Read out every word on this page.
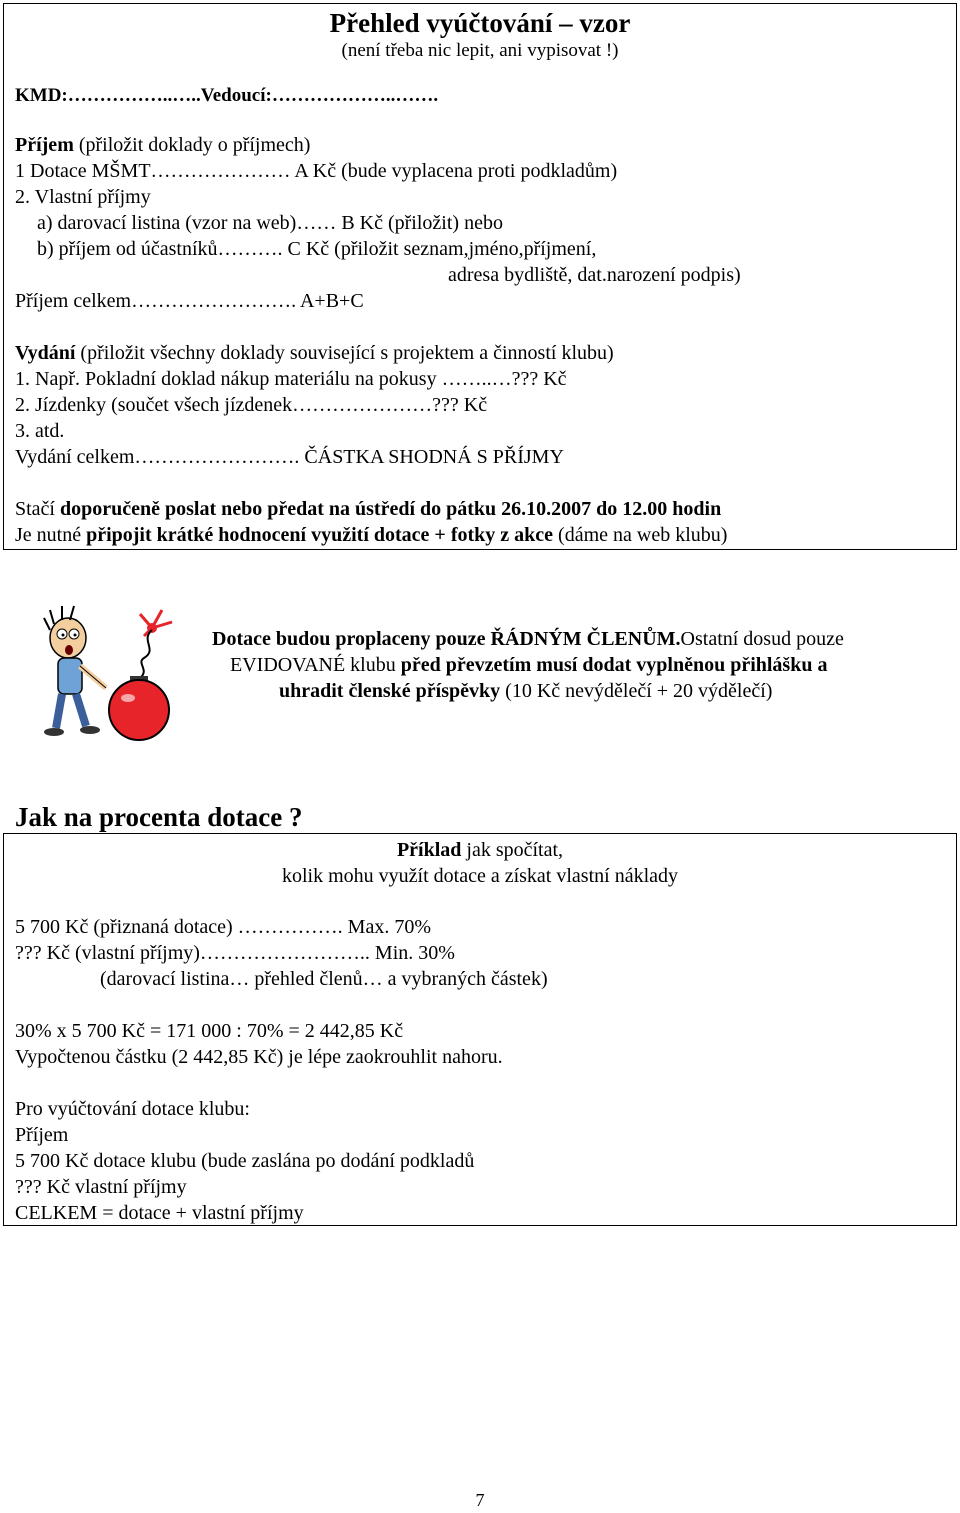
Přehled vyúčtování – vzor
(není třeba nic lepit, ani vypisovat !)
KMD:……………..…..Vedoucí:………………..…….
Příjem (přiložit doklady o příjmech)
1 Dotace MŠMT………………… A Kč (bude vyplacena proti podkladům)
2. Vlastní příjmy
a) darovací listina (vzor na web)…… B Kč (přiložit) nebo
b) příjem od účastníků………. C Kč (přiložit seznam,jméno,příjmení,
adresa bydliště, dat.narození podpis)
Příjem celkem……………………. A+B+C
Vydání (přiložit všechny doklady související s projektem a činností klubu)
1. Např. Pokladní doklad nákup materiálu na pokusy ……..…??? Kč
2. Jízdenky (součet všech jízdenek…………………??? Kč
3. atd.
Vydání celkem……………………. ČÁSTKA SHODNÁ S PŘÍJMY
Stačí doporučeně poslat nebo předat na ústředí do pátku 26.10.2007 do 12.00 hodin
Je nutné připojit krátké hodnocení využití dotace + fotky z akce (dáme na web klubu)
Dotace budou proplaceny pouze ŘÁDNÝM ČLENŮM.Ostatní dosud pouze
EVIDOVANÉ klubu před převzetím musí dodat vyplněnou přihlášku a
uhradit členské příspěvky (10 Kč nevýdělečí + 20 výdělečí)
Jak na procenta dotace ?
Příklad jak spočítat,
kolik mohu využít dotace a získat vlastní náklady
5 700 Kč (přiznaná dotace) ……………. Max. 70%
??? Kč (vlastní příjmy)…………………….. Min. 30%
(darovací listina… přehled členů… a vybraných částek)
30% x 5 700 Kč = 171 000 : 70% = 2 442,85 Kč
Vypočtenou částku (2 442,85 Kč) je lépe zaokrouhlit nahoru.
Pro vyúčtování dotace klubu:
Příjem
5 700 Kč dotace klubu (bude zaslána po dodání podkladů
??? Kč vlastní příjmy
CELKEM = dotace + vlastní příjmy
7
